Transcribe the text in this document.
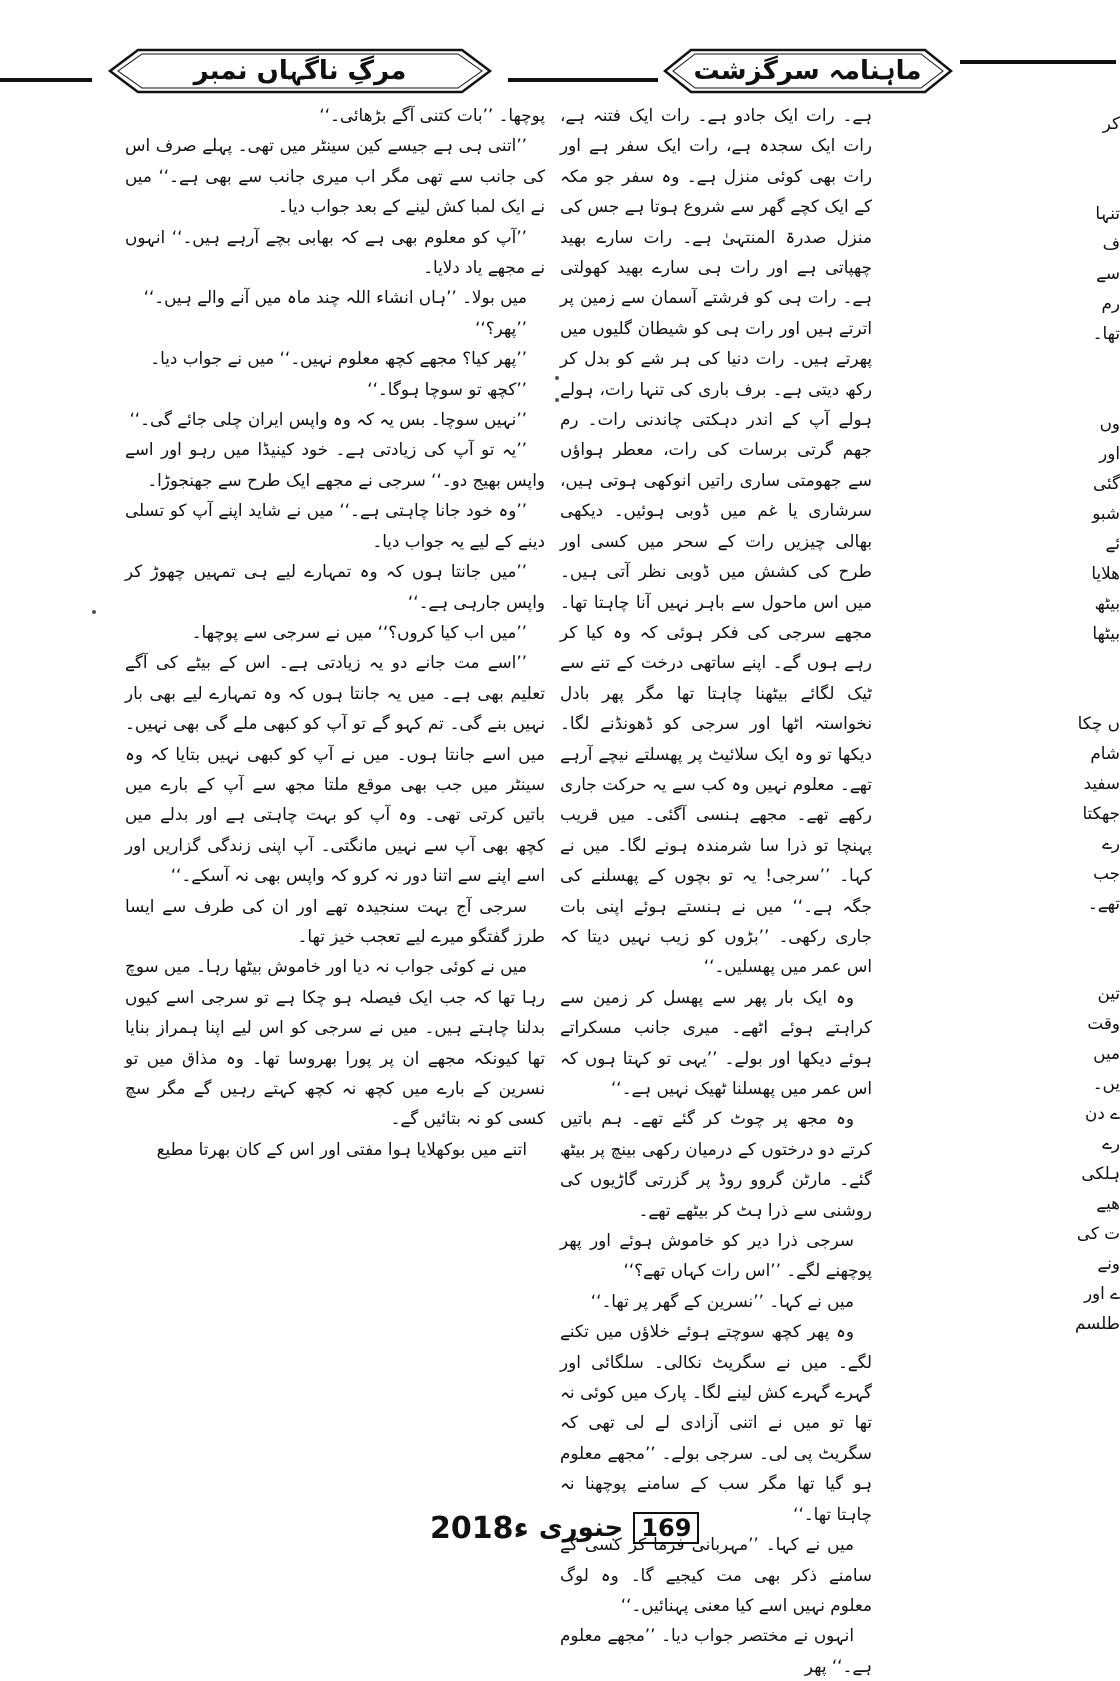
مرگِ ناگہاں نمبر	ماہنامہ سرگزشت

ہے۔ رات ایک جادو ہے۔ رات ایک فتنہ ہے، رات ایک سجدہ ہے، رات ایک سفر ہے اور رات بھی کوئی منزل ہے۔ وہ سفر جو مکہ کے ایک کچے گھر سے شروع ہوتا ہے جس کی منزل صدرۃ المنتہیٰ ہے۔ رات سارے بھید چھپاتی ہے اور رات ہی سارے بھید کھولتی ہے۔ رات ہی کو فرشتے آسمان سے زمین پر اترتے ہیں اور رات ہی کو شیطان گلیوں میں پھرتے ہیں۔ رات دنیا کی ہر شے کو بدل کر رکھ دیتی ہے۔ برف باری کی تنہا رات، ہولے ہولے آپ کے اندر دہکتی چاندنی رات۔ رم جھم گرتی برسات کی رات، معطر ہواؤں سے جھومتی ساری راتیں انوکھی ہوتی ہیں، سرشاری یا غم میں ڈوبی ہوئیں۔ دیکھی بھالی چیزیں رات کے سحر میں کسی اور طرح کی کشش میں ڈوبی نظر آتی ہیں۔ میں اس ماحول سے باہر نہیں آنا چاہتا تھا۔ مجھے سرجی کی فکر ہوئی کہ وہ کیا کر رہے ہوں گے۔ اپنے ساتھی درخت کے تنے سے ٹیک لگائے بیٹھنا چاہتا تھا مگر پھر بادل نخواستہ اٹھا اور سرجی کو ڈھونڈنے لگا۔ دیکھا تو وہ ایک سلائیٹ پر پھسلتے نیچے آرہے تھے۔ معلوم نہیں وہ کب سے یہ حرکت جاری رکھے تھے۔ مجھے ہنسی آگئی۔ میں قریب پہنچا تو ذرا سا شرمندہ ہونے لگا۔ میں نے کہا۔ ’’سرجی! یہ تو بچوں کے پھسلنے کی جگہ ہے۔‘‘ میں نے ہنستے ہوئے اپنی بات جاری رکھی۔ ’’بڑوں کو زیب نہیں دیتا کہ اس عمر میں پھسلیں۔‘‘

وہ ایک بار پھر سے پھسل کر زمین سے کراہتے ہوئے اٹھے۔ میری جانب مسکراتے ہوئے دیکھا اور بولے۔ ’’یہی تو کہتا ہوں کہ اس عمر میں پھسلنا ٹھیک نہیں ہے۔‘‘

وہ مجھ پر چوٹ کر گئے تھے۔ ہم باتیں کرتے دو درختوں کے درمیان رکھی بینچ پر بیٹھ گئے۔ مارٹن گروو روڈ پر گزرتی گاڑیوں کی روشنی سے ذرا ہٹ کر بیٹھے تھے۔

سرجی ذرا دیر کو خاموش ہوئے اور پھر پوچھنے لگے۔ ’’اس رات کہاں تھے؟‘‘

میں نے کہا۔ ’’نسرین کے گھر پر تھا۔‘‘

وہ پھر کچھ سوچتے ہوئے خلاؤں میں تکنے لگے۔ میں نے سگریٹ نکالی۔ سلگائی اور گہرے گہرے کش لینے لگا۔ پارک میں کوئی نہ تھا تو میں نے اتنی آزادی لے لی تھی کہ سگریٹ پی لی۔ سرجی بولے۔ ’’مجھے معلوم ہو گیا تھا مگر سب کے سامنے پوچھنا نہ چاہتا تھا۔‘‘

میں نے کہا۔ ’’مہربانی فرما کر کسی کے سامنے ذکر بھی مت کیجیے گا۔ وہ لوگ معلوم نہیں اسے کیا معنی پہنائیں۔‘‘

انہوں نے مختصر جواب دیا۔ ’’مجھے معلوم ہے۔‘‘ پھر

پوچھا۔ ’’بات کتنی آگے بڑھائی۔‘‘

’’اتنی ہی ہے جیسے کین سینٹر میں تھی۔ پہلے صرف اس کی جانب سے تھی مگر اب میری جانب سے بھی ہے۔‘‘ میں نے ایک لمبا کش لینے کے بعد جواب دیا۔

’’آپ کو معلوم بھی ہے کہ بھابی بچے آرہے ہیں۔‘‘ انہوں نے مجھے یاد دلایا۔

میں بولا۔ ’’ہاں انشاء اللہ چند ماہ میں آنے والے ہیں۔‘‘

’’پھر؟‘‘

’’پھر کیا؟ مجھے کچھ معلوم نہیں۔‘‘ میں نے جواب دیا۔

’’کچھ تو سوچا ہوگا۔‘‘

’’نہیں سوچا۔ بس یہ کہ وہ واپس ایران چلی جائے گی۔‘‘

’’یہ تو آپ کی زیادتی ہے۔ خود کینیڈا میں رہو اور اسے واپس بھیج دو۔‘‘ سرجی نے مجھے ایک طرح سے جھنجوڑا۔

’’وہ خود جانا چاہتی ہے۔‘‘ میں نے شاید اپنے آپ کو تسلی دینے کے لیے یہ جواب دیا۔

’’میں جانتا ہوں کہ وہ تمہارے لیے ہی تمہیں چھوڑ کر واپس جارہی ہے۔‘‘

’’میں اب کیا کروں؟‘‘ میں نے سرجی سے پوچھا۔

’’اسے مت جانے دو یہ زیادتی ہے۔ اس کے بیٹے کی آگے تعلیم بھی ہے۔ میں یہ جانتا ہوں کہ وہ تمہارے لیے بھی بار نہیں بنے گی۔ تم کہو گے تو آپ کو کبھی ملے گی بھی نہیں۔ میں اسے جانتا ہوں۔ میں نے آپ کو کبھی نہیں بتایا کہ وہ سینٹر میں جب بھی موقع ملتا مجھ سے آپ کے بارے میں باتیں کرتی تھی۔ وہ آپ کو بہت چاہتی ہے اور بدلے میں کچھ بھی آپ سے نہیں مانگتی۔ آپ اپنی زندگی گزاریں اور اسے اپنے سے اتنا دور نہ کرو کہ واپس بھی نہ آسکے۔‘‘

سرجی آج بہت سنجیدہ تھے اور ان کی طرف سے ایسا طرز گفتگو میرے لیے تعجب خیز تھا۔

میں نے کوئی جواب نہ دیا اور خاموش بیٹھا رہا۔ میں سوچ رہا تھا کہ جب ایک فیصلہ ہو چکا ہے تو سرجی اسے کیوں بدلنا چاہتے ہیں۔ میں نے سرجی کو اس لیے اپنا ہمراز بنایا تھا کیونکہ مجھے ان پر پورا بھروسا تھا۔ وہ مذاق میں تو نسرین کے بارے میں کچھ نہ کچھ کہتے رہیں گے مگر سچ کسی کو نہ بتائیں گے۔

اتنے میں بوکھلایا ہوا مفتی اور اس کے کان بھرتا مطیع

کر
تنہا
ف
سے
رم
تھا۔
وں
اور
گئی
شبو
ئے
ھلایا
بیٹھ
بیٹھا
ں چکا
شام
سفید
جھکتا
رے
جب
تھے۔
تین
وقت
میں
یں۔
ے دن
رے
ہلکی
ھیے
ت کی
ونے
ے اور
طلسم
2018ء جنوری 169
